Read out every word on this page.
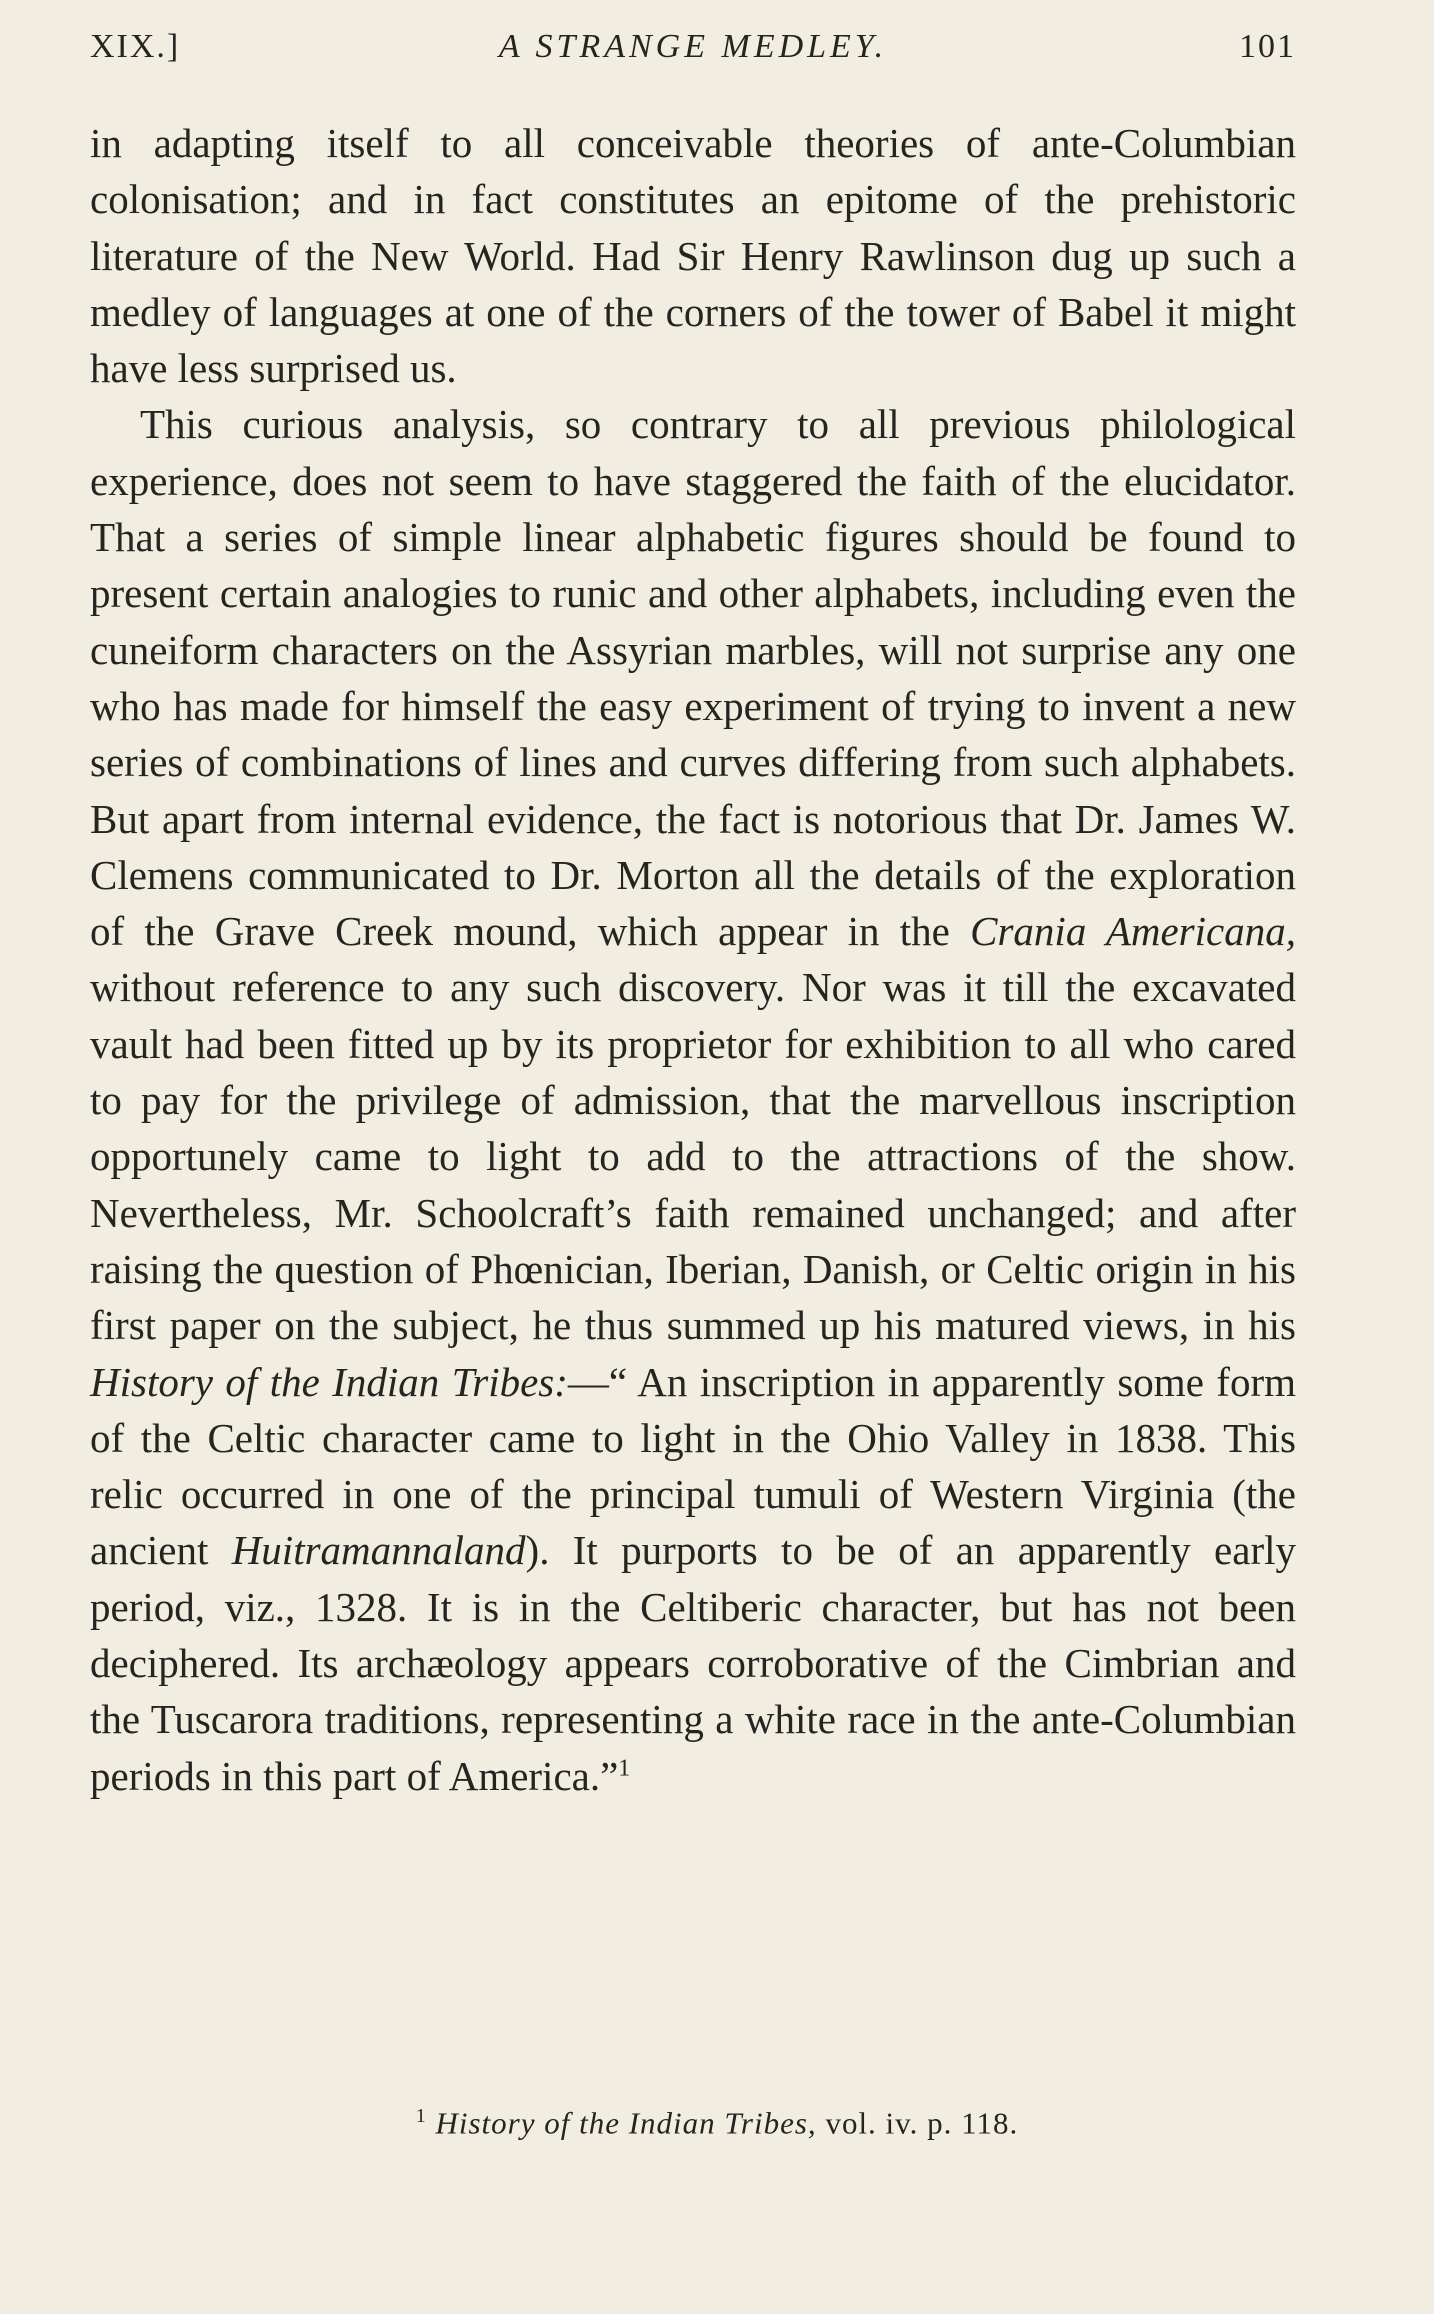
XIX.]	A STRANGE MEDLEY.	101

in adapting itself to all conceivable theories of ante-Columbian colonisation; and in fact constitutes an epitome of the prehistoric literature of the New World. Had Sir Henry Rawlinson dug up such a medley of languages at one of the corners of the tower of Babel it might have less surprised us.

This curious analysis, so contrary to all previous philological experience, does not seem to have staggered the faith of the elucidator. That a series of simple linear alphabetic figures should be found to present certain analogies to runic and other alphabets, including even the cuneiform characters on the Assyrian marbles, will not surprise any one who has made for himself the easy experiment of trying to invent a new series of combinations of lines and curves differing from such alphabets. But apart from internal evidence, the fact is notorious that Dr. James W. Clemens communicated to Dr. Morton all the details of the exploration of the Grave Creek mound, which appear in the Crania Americana, without reference to any such discovery. Nor was it till the excavated vault had been fitted up by its proprietor for exhibition to all who cared to pay for the privilege of admission, that the marvellous inscription opportunely came to light to add to the attractions of the show. Nevertheless, Mr. Schoolcraft’s faith remained unchanged; and after raising the question of Phœnician, Iberian, Danish, or Celtic origin in his first paper on the subject, he thus summed up his matured views, in his History of the Indian Tribes:—“ An inscription in apparently some form of the Celtic character came to light in the Ohio Valley in 1838. This relic occurred in one of the principal tumuli of Western Virginia (the ancient Huitramannaland). It purports to be of an apparently early period, viz., 1328. It is in the Celtiberic character, but has not been deciphered. Its archæology appears corroborative of the Cimbrian and the Tuscarora traditions, representing a white race in the ante-Columbian periods in this part of America.”$^1$

$^1$ History of the Indian Tribes, vol. iv. p. 118.
